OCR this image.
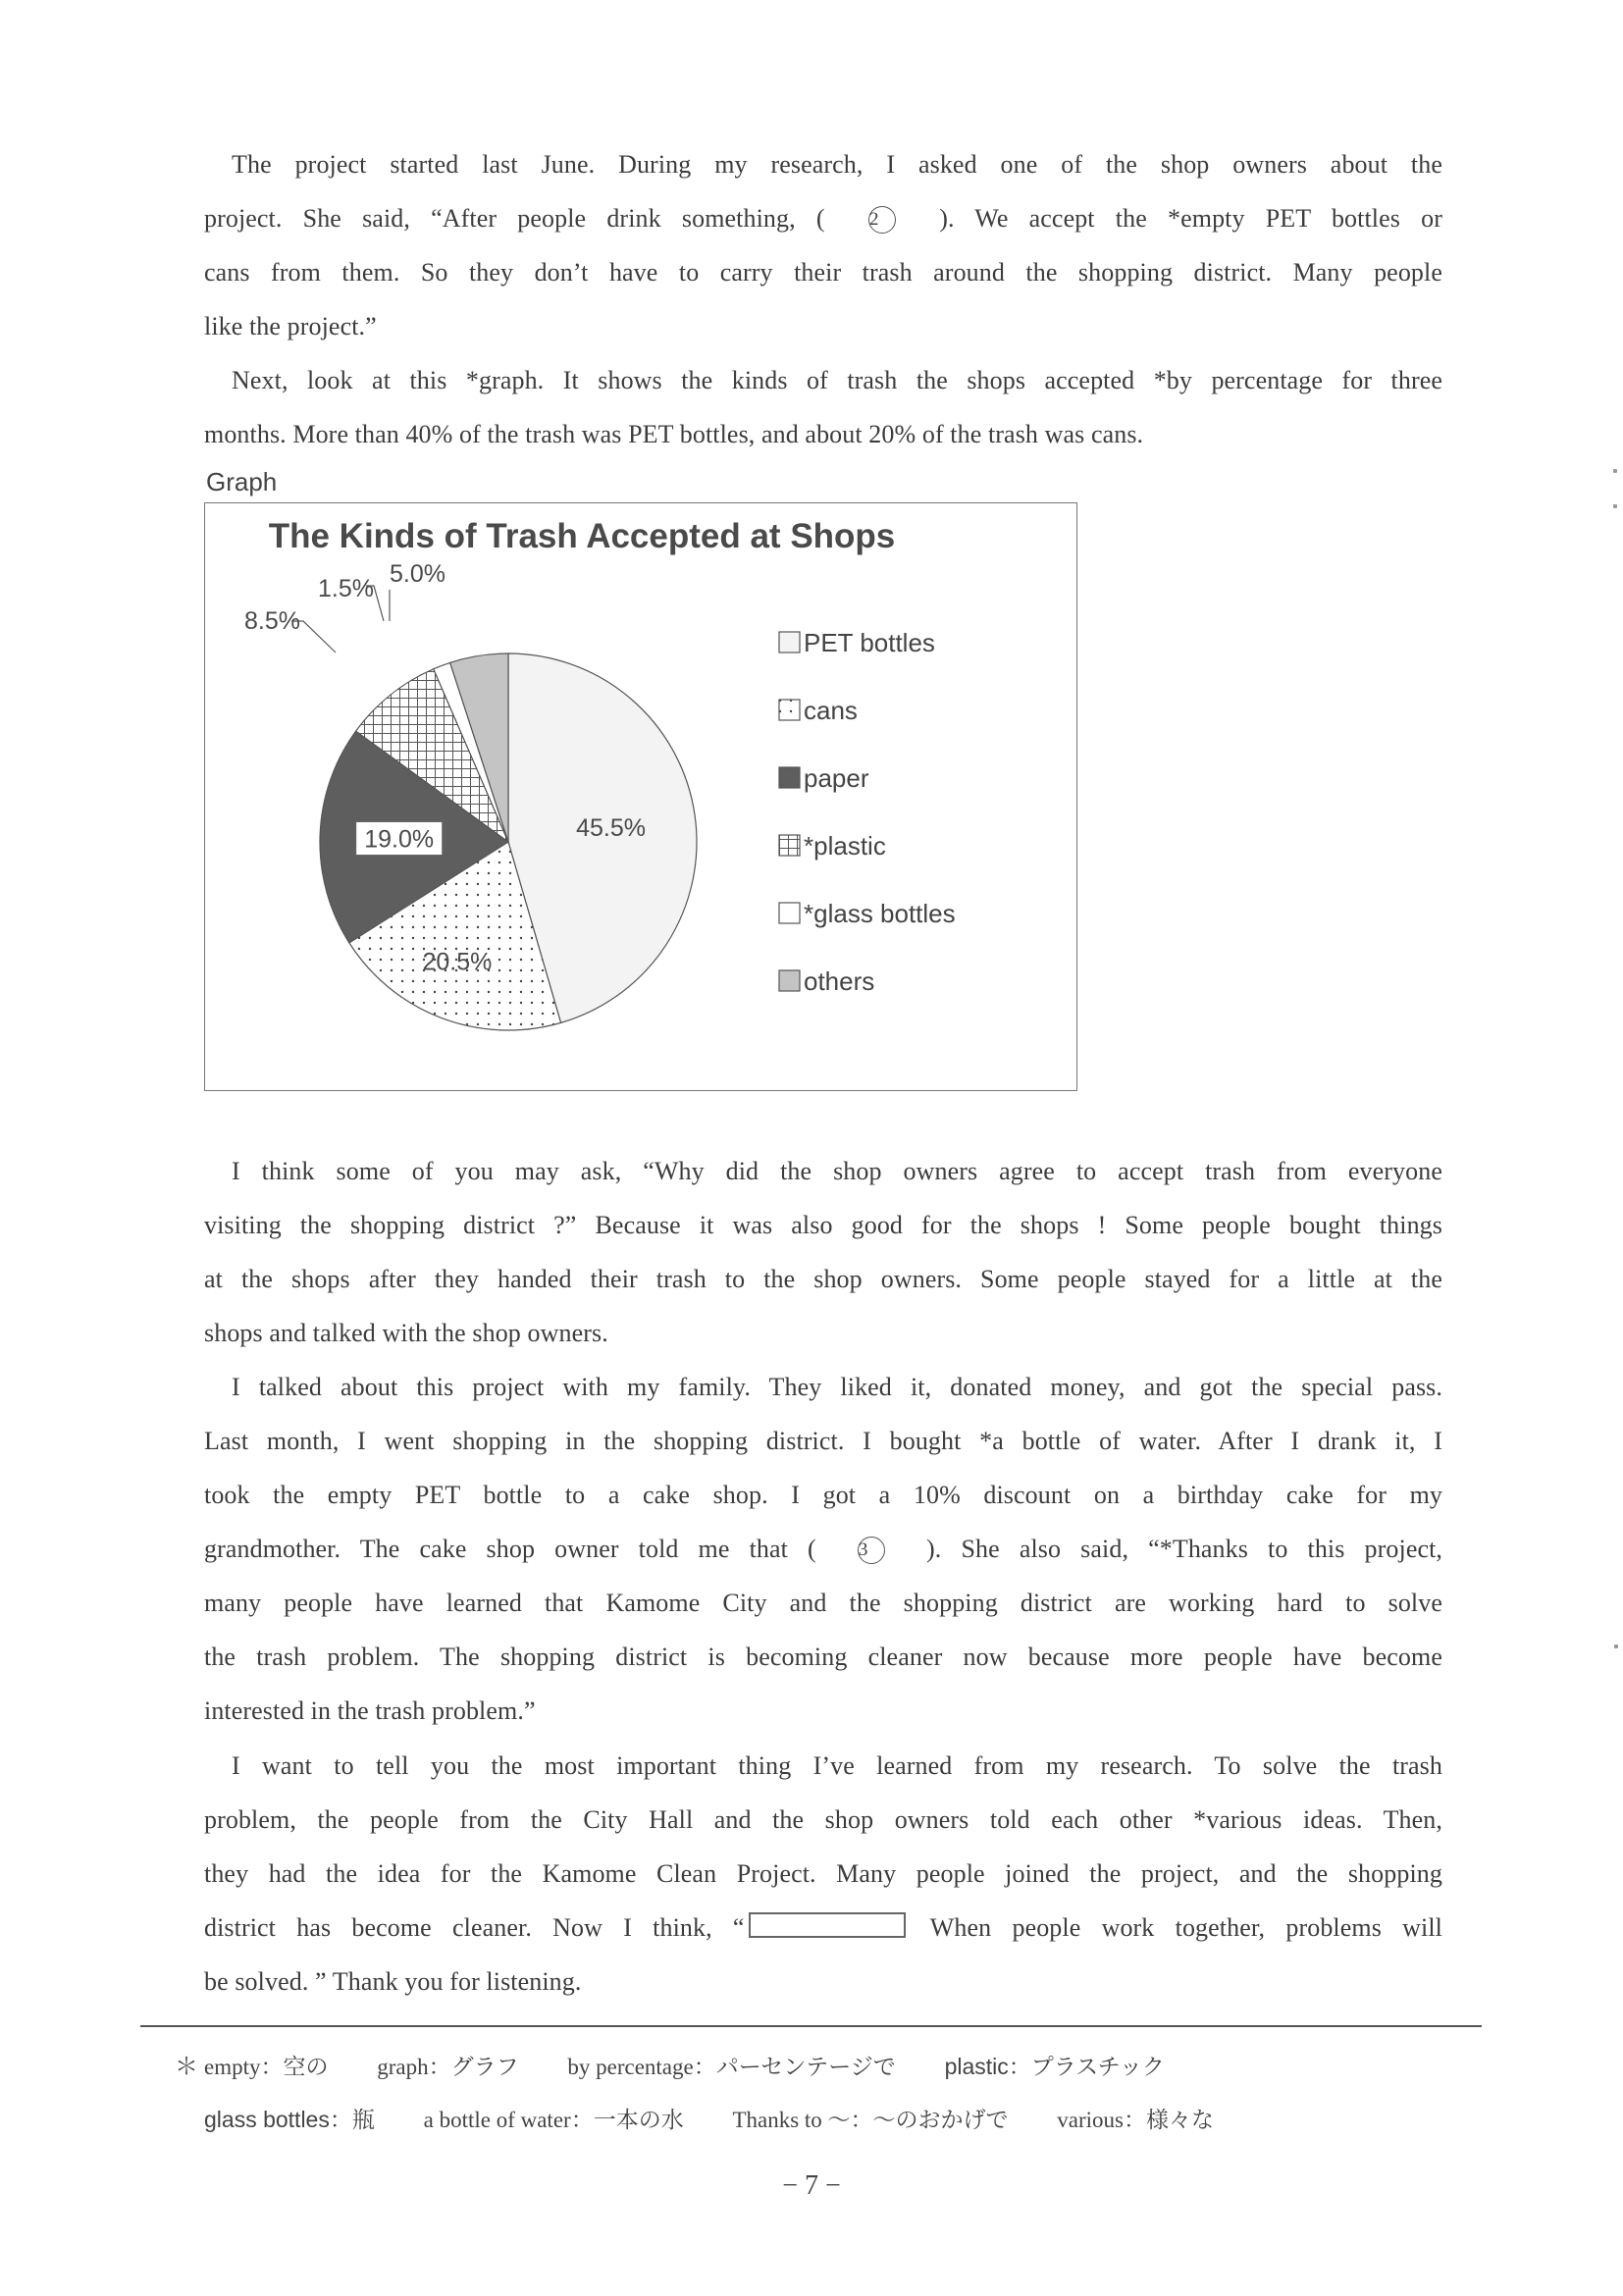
The project started last June. During my research, I asked one of the shop owners about the
project. She said, “After people drink something, ( 2 ). We accept the *empty PET bottles or
cans from them. So they don’t have to carry their trash around the shopping district. Many people
like the project.”
Next, look at this *graph. It shows the kinds of trash the shops accepted *by percentage for three
months. More than 40% of the trash was PET bottles, and about 20% of the trash was cans.
Graph
The Kinds of Trash Accepted at Shops
45.5%
20.5%
19.0%
8.5%
1.5%
5.0%
PET bottles
cans
paper
*plastic
*glass bottles
others
I think some of you may ask, “Why did the shop owners agree to accept trash from everyone
visiting the shopping district ?” Because it was also good for the shops ! Some people bought things
at the shops after they handed their trash to the shop owners. Some people stayed for a little at the
shops and talked with the shop owners.
I talked about this project with my family. They liked it, donated money, and got the special pass.
Last month, I went shopping in the shopping district. I bought *a bottle of water. After I drank it, I
took the empty PET bottle to a cake shop. I got a 10% discount on a birthday cake for my
grandmother. The cake shop owner told me that ( 3 ). She also said, “*Thanks to this project,
many people have learned that Kamome City and the shopping district are working hard to solve
the trash problem. The shopping district is becoming cleaner now because more people have become
interested in the trash problem.”
I want to tell you the most important thing I’ve learned from my research. To solve the trash
problem, the people from the City Hall and the shop owners told each other *various ideas. Then,
they had the idea for the Kamome Clean Project. Many people joined the project, and the shopping
district has become cleaner. Now I think, “	When people work together, problems will
be solved. ” Thank you for listening.
＊ empty：空の graph：グラフ by percentage：パーセンテージで plastic：プラスチック
glass bottles：瓶 a bottle of water：一本の水 Thanks to 〜：〜のおかげで various：様々な
− 7 −
